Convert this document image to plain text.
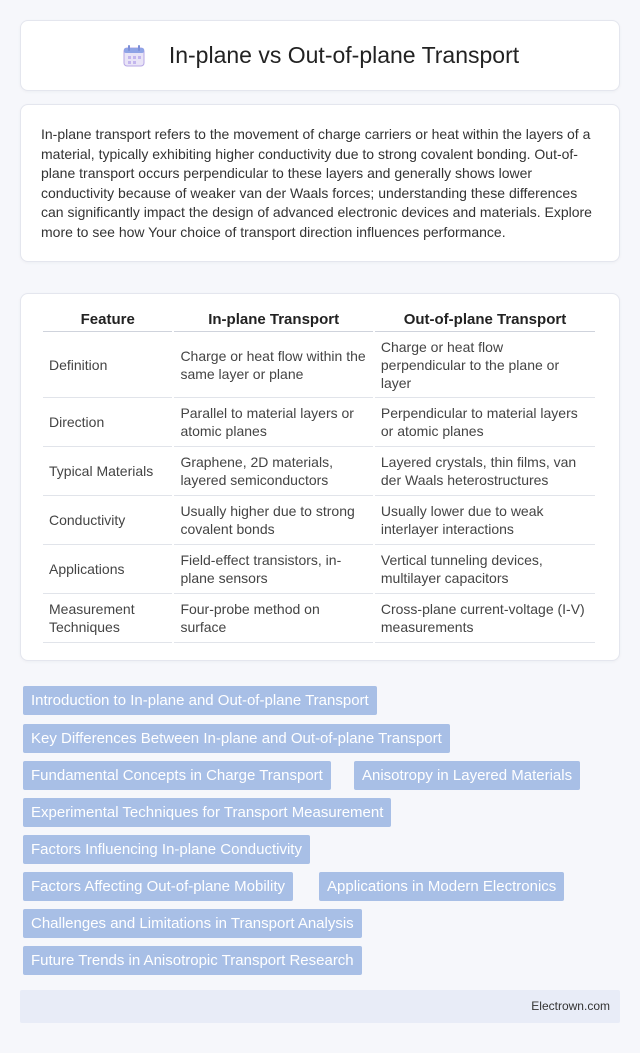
In-plane vs Out-of-plane Transport

In-plane transport refers to the movement of charge carriers or heat within the layers of a material, typically exhibiting higher conductivity due to strong covalent bonding. Out-of-plane transport occurs perpendicular to these layers and generally shows lower conductivity because of weaker van der Waals forces; understanding these differences can significantly impact the design of advanced electronic devices and materials. Explore more to see how Your choice of transport direction influences performance.

Feature	In-plane Transport	Out-of-plane Transport
Definition	Charge or heat flow within the same layer or plane	Charge or heat flow perpendicular to the plane or layer
Direction	Parallel to material layers or atomic planes	Perpendicular to material layers or atomic planes
Typical Materials	Graphene, 2D materials, layered semiconductors	Layered crystals, thin films, van der Waals heterostructures
Conductivity	Usually higher due to strong covalent bonds	Usually lower due to weak interlayer interactions
Applications	Field-effect transistors, in-plane sensors	Vertical tunneling devices, multilayer capacitors
Measurement Techniques	Four-probe method on surface	Cross-plane current-voltage (I-V) measurements
Introduction to In-plane and Out-of-plane Transport
Key Differences Between In-plane and Out-of-plane Transport
Fundamental Concepts in Charge Transport	Anisotropy in Layered Materials
Experimental Techniques for Transport Measurement
Factors Influencing In-plane Conductivity
Factors Affecting Out-of-plane Mobility	Applications in Modern Electronics
Challenges and Limitations in Transport Analysis
Future Trends in Anisotropic Transport Research
Electrown.com
